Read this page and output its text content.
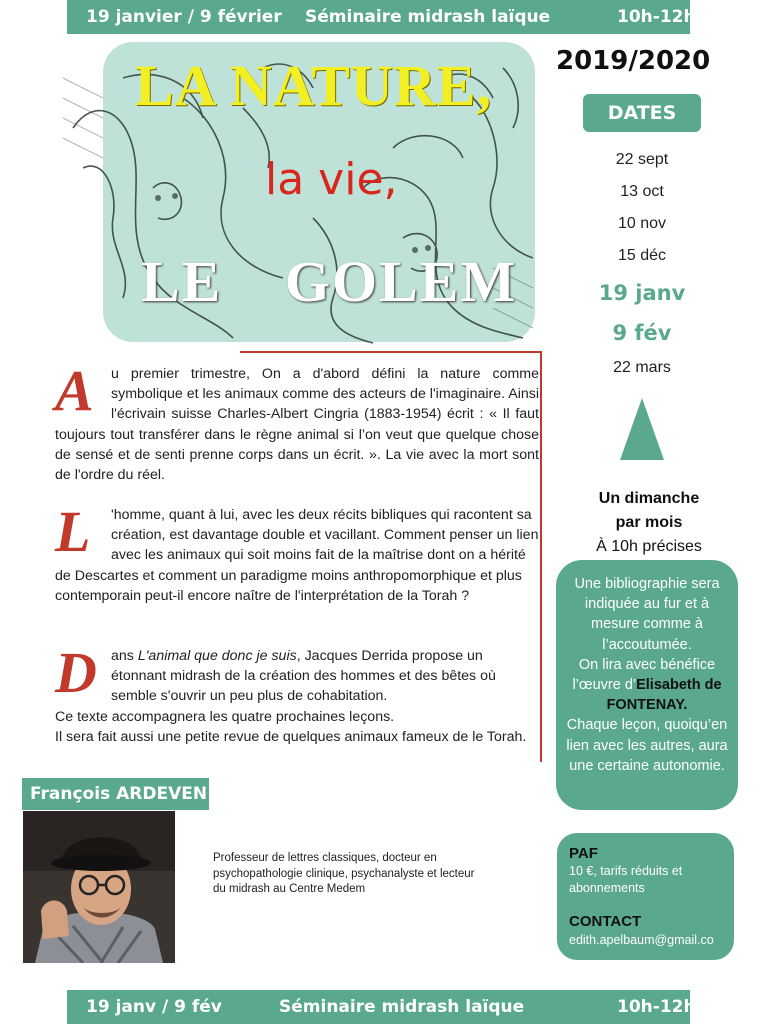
19 janvier / 9 février Séminaire midrash laïque	10h-12h
LA NATURE,
la vie,
LE GOLEM
2019/2020
DATES
22 sept
13 oct
10 nov
15 déc
19 janv
9 fév
22 mars
Un dimanche
par mois
À 10h précises
Une bibliographie sera indiquée au fur et à mesure comme à l’accoutumée.
On lira avec bénéfice l’œuvre d’Elisabeth de FONTENAY.
Chaque leçon, quoiqu’en lien avec les autres, aura une certaine autonomie.
PAF

10 €, tarifs réduits et abonnements

CONTACT

edith.apelbaum@gmail.co

A	u premier trimestre, On a d'abord défini la nature comme symbolique et les animaux comme des acteurs de l'imaginaire. Ainsi l'écrivain suisse Charles-Albert Cingria (1883-1954) écrit : « Il faut toujours tout transférer dans le règne animal si l’on veut que quelque chose de sensé et de senti prenne corps dans un écrit. ». La vie avec la mort sont de l'ordre du réel.
L	'homme, quant à lui, avec les deux récits bibliques qui racontent sa création, est davantage double et vacillant. Comment penser un lien avec les animaux qui soit moins fait de la maîtrise dont on a hérité de Descartes et comment un paradigme moins anthropomorphique et plus contemporain peut-il encore naître de l'interprétation de la Torah ?
D ans L'animal que donc je suis, Jacques Derrida propose un étonnant midrash de la création des hommes et des bêtes où semble s'ouvrir un peu plus de cohabitation.
Ce texte accompagnera les quatre prochaines leçons.
Il sera fait aussi une petite revue de quelques animaux fameux de le Torah.
François ARDEVEN
Professeur de lettres classiques, docteur en psychopathologie clinique, psychanalyste et lecteur du midrash au Centre Medem
19 janv / 9 fév	Séminaire midrash laïque	10h-12h
